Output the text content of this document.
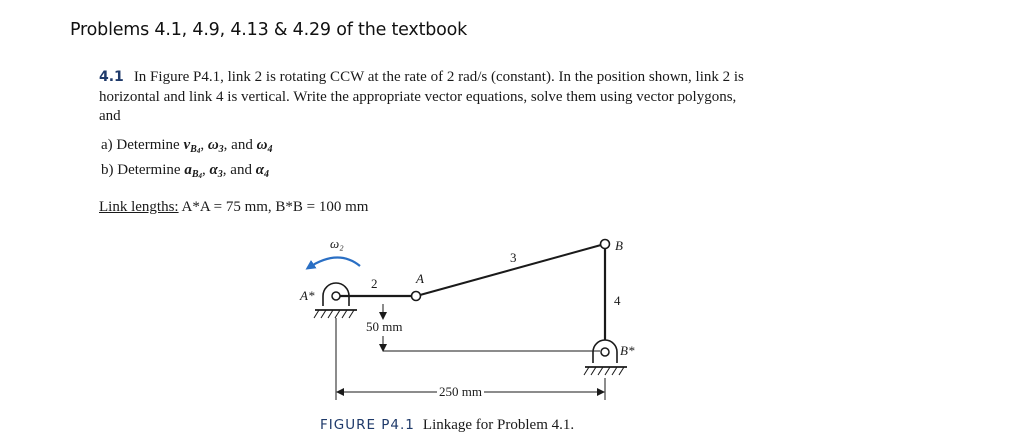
Problems 4.1, 4.9, 4.13 & 4.29 of the textbook
4.1 In Figure P4.1, link 2 is rotating CCW at the rate of 2 rad/s (constant). In the position shown, link 2 is
horizontal and link 4 is vertical. Write the appropriate vector equations, solve them using vector polygons,
and
a) Determine $v_{B4}$, $\omega_3$, and $\omega_4$
b) Determine $a_{B4}$, $\alpha_3$, and $\alpha_4$
Link lengths: A*A = 75 mm, B*B = 100 mm
ω₂
A*
2	A
3
B
4
B*
50 mm
250 mm
FIGURE P4.1 Linkage for Problem 4.1.
